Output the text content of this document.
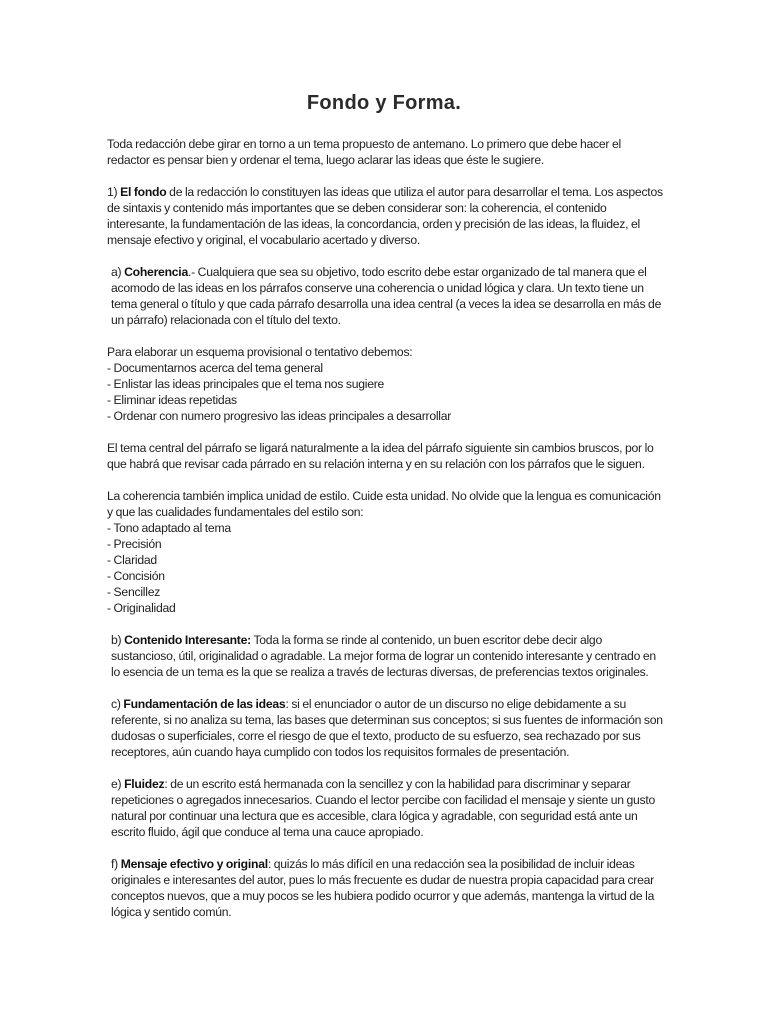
Fondo y Forma.

Toda redacción debe girar en torno a un tema propuesto de antemano. Lo primero que debe hacer el redactor es pensar bien y ordenar el tema, luego aclarar las ideas que éste le sugiere.

1) El fondo de la redacción lo constituyen las ideas que utiliza el autor para desarrollar el tema. Los aspectos de sintaxis y contenido más importantes que se deben considerar son: la coherencia, el contenido interesante, la fundamentación de las ideas, la concordancia, orden y precisión de las ideas, la fluidez, el mensaje efectivo y original, el vocabulario acertado y diverso.

a) Coherencia.- Cualquiera que sea su objetivo, todo escrito debe estar organizado de tal manera que el acomodo de las ideas en los párrafos conserve una coherencia o unidad lógica y clara. Un texto tiene un tema general o título y que cada párrafo desarrolla una idea central (a veces la idea se desarrolla en más de un párrafo) relacionada con el título del texto.

Para elaborar un esquema provisional o tentativo debemos:
- Documentarnos acerca del tema general
- Enlistar las ideas principales que el tema nos sugiere
- Eliminar ideas repetidas
- Ordenar con numero progresivo las ideas principales a desarrollar

El tema central del párrafo se ligará naturalmente a la idea del párrafo siguiente sin cambios bruscos, por lo que habrá que revisar cada párrado en su relación interna y en su relación con los párrafos que le siguen.

La coherencia también implica unidad de estilo. Cuide esta unidad. No olvide que la lengua es comunicación y que las cualidades fundamentales del estilo son:
- Tono adaptado al tema
- Precisión
- Claridad
- Concisión
- Sencillez
- Originalidad

b) Contenido Interesante: Toda la forma se rinde al contenido, un buen escritor debe decir algo sustancioso, útil, originalidad o agradable. La mejor forma de lograr un contenido interesante y centrado en lo esencia de un tema es la que se realiza a través de lecturas diversas, de preferencias textos originales.

c) Fundamentación de las ideas: si el enunciador o autor de un discurso no elige debidamente a su referente, si no analiza su tema, las bases que determinan sus conceptos; si sus fuentes de información son dudosas o superficiales, corre el riesgo de que el texto, producto de su esfuerzo, sea rechazado por sus receptores, aún cuando haya cumplido con todos los requisitos formales de presentación.

e) Fluidez: de un escrito está hermanada con la sencillez y con la habilidad para discriminar y separar repeticiones o agregados innecesarios. Cuando el lector percibe con facilidad el mensaje y siente un gusto natural por continuar una lectura que es accesible, clara lógica y agradable, con seguridad está ante un escrito fluido, ágil que conduce al tema una cauce apropiado.

f) Mensaje efectivo y original: quizás lo más difícil en una redacción sea la posibilidad de incluir ideas originales e interesantes del autor, pues lo más frecuente es dudar de nuestra propia capacidad para crear conceptos nuevos, que a muy pocos se les hubiera podido ocurror y que además, mantenga la virtud de la lógica y sentido común.
